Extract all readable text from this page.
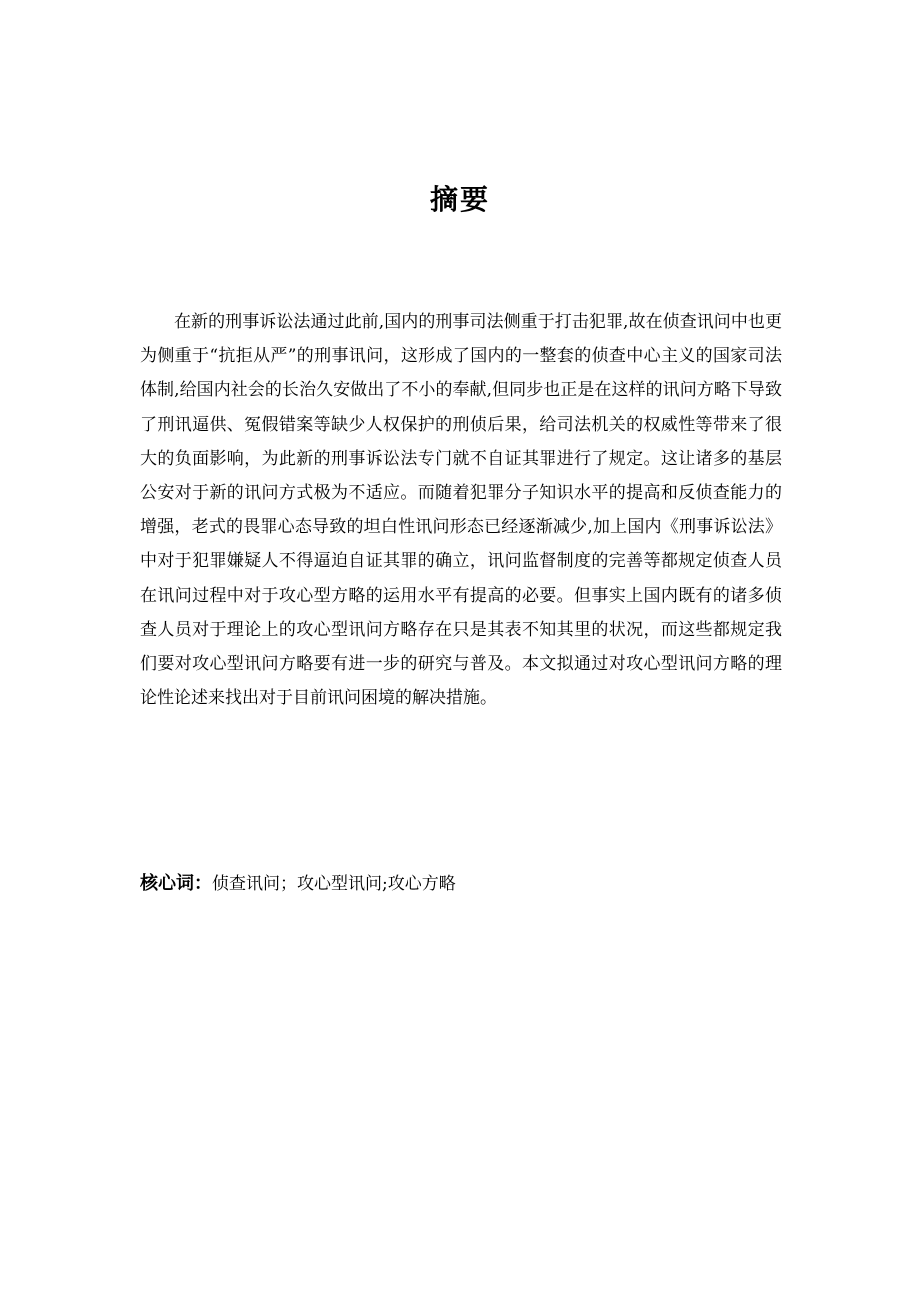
摘要

在新的刑事诉讼法通过此前,国内的刑事司法侧重于打击犯罪,故在侦查讯问中也更为侧重于“抗拒从严”的刑事讯问，这形成了国内的一整套的侦查中心主义的国家司法体制,给国内社会的长治久安做出了不小的奉献,但同步也正是在这样的讯问方略下导致了刑讯逼供、冤假错案等缺少人权保护的刑侦后果，给司法机关的权威性等带来了很大的负面影响，为此新的刑事诉讼法专门就不自证其罪进行了规定。这让诸多的基层公安对于新的讯问方式极为不适应。而随着犯罪分子知识水平的提高和反侦查能力的增强，老式的畏罪心态导致的坦白性讯问形态已经逐渐减少,加上国内《刑事诉讼法》中对于犯罪嫌疑人不得逼迫自证其罪的确立，讯问监督制度的完善等都规定侦查人员在讯问过程中对于攻心型方略的运用水平有提高的必要。但事实上国内既有的诸多侦查人员对于理论上的攻心型讯问方略存在只是其表不知其里的状况，而这些都规定我们要对攻心型讯问方略要有进一步的研究与普及。本文拟通过对攻心型讯问方略的理论性论述来找出对于目前讯问困境的解决措施。

核心词：侦查讯问；攻心型讯问;攻心方略
